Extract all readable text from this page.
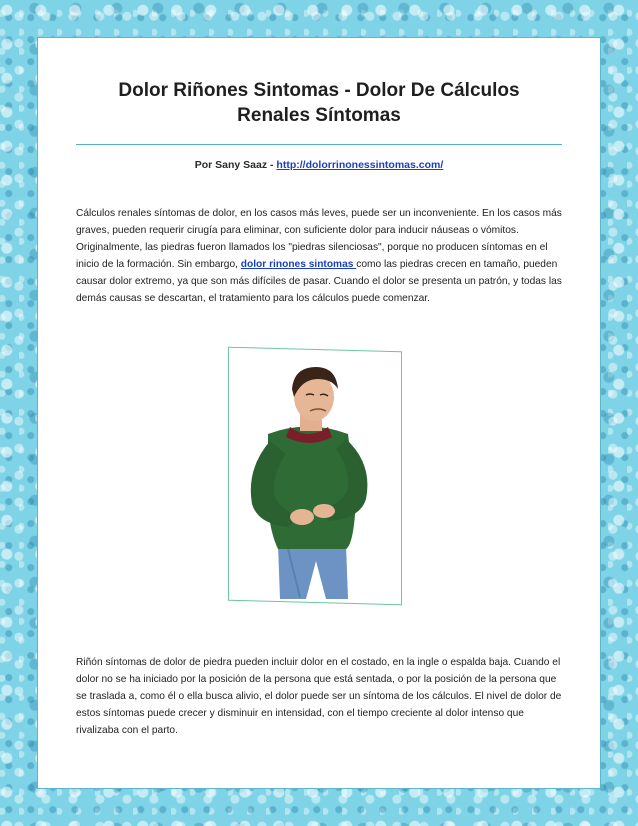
Dolor Riñones Sintomas - Dolor De Cálculos Renales Síntomas
Por Sany Saaz - http://dolorrinonessintomas.com/

Cálculos renales síntomas de dolor, en los casos más leves, puede ser un inconveniente. En los casos más graves, pueden requerir cirugía para eliminar, con suficiente dolor para inducir náuseas o vómitos. Originalmente, las piedras fueron llamados los "piedras silenciosas", porque no producen síntomas en el inicio de la formación. Sin embargo, dolor rinones sintomas como las piedras crecen en tamaño, pueden causar dolor extremo, ya que son más difíciles de pasar. Cuando el dolor se presenta un patrón, y todas las demás causas se descartan, el tratamiento para los cálculos puede comenzar.

Riñón síntomas de dolor de piedra pueden incluir dolor en el costado, en la ingle o espalda baja. Cuando el dolor no se ha iniciado por la posición de la persona que está sentada, o por la posición de la persona que se traslada a, como él o ella busca alivio, el dolor puede ser un síntoma de los cálculos. El nivel de dolor de estos síntomas puede crecer y disminuir en intensidad, con el tiempo creciente al dolor intenso que rivalizaba con el parto.
